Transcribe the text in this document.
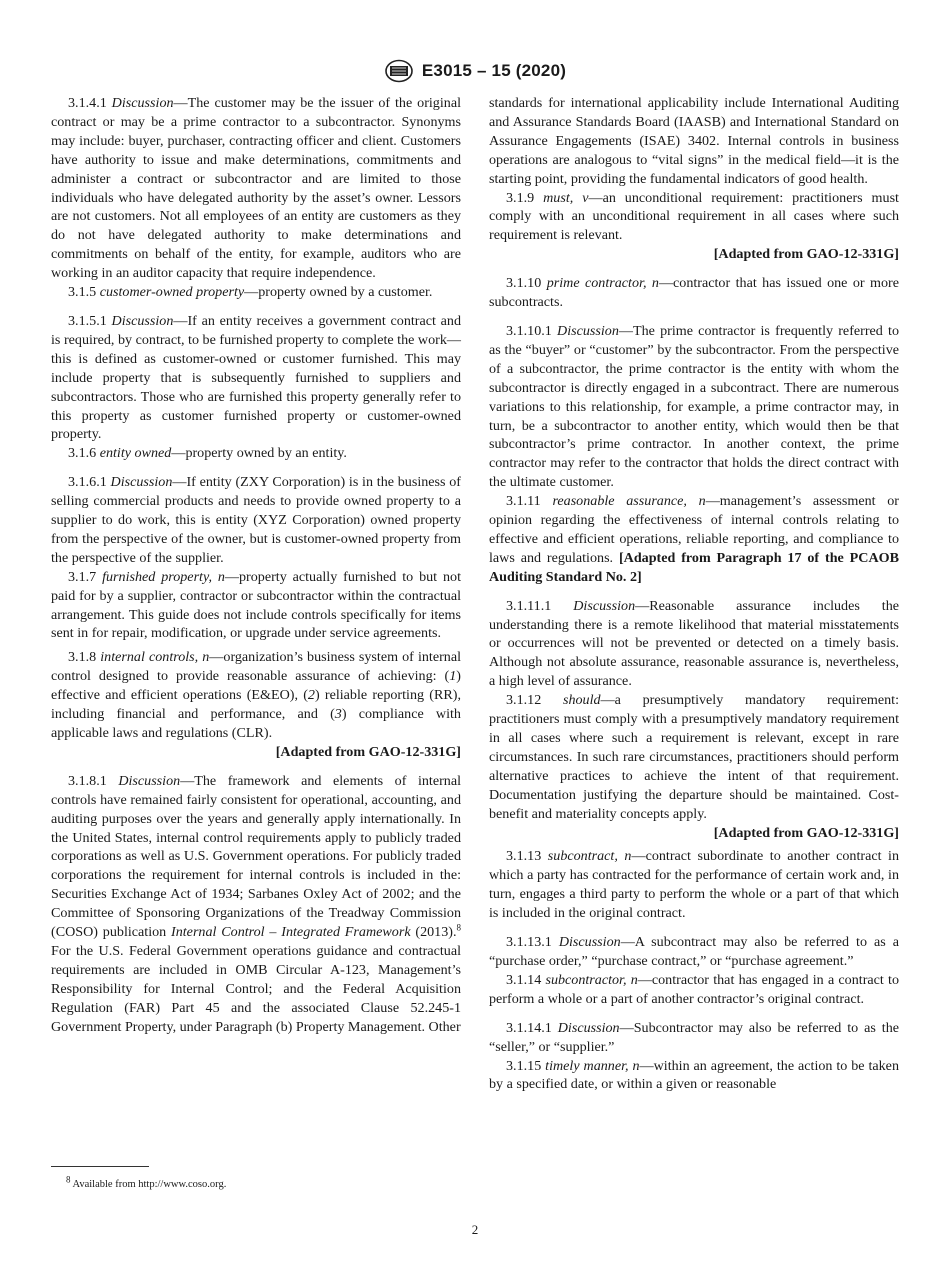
E3015 – 15 (2020)

3.1.4.1 Discussion—The customer may be the issuer of the original contract or may be a prime contractor to a subcontractor. Synonyms may include: buyer, purchaser, contracting officer and client. Customers have authority to issue and make determinations, commitments and administer a contract or subcontractor and are limited to those individuals who have delegated authority by the asset’s owner. Lessors are not customers. Not all employees of an entity are customers as they do not have delegated authority to make determinations and commitments on behalf of the entity, for example, auditors who are working in an auditor capacity that require independence.

3.1.5 customer-owned property—property owned by a customer.

3.1.5.1 Discussion—If an entity receives a government contract and is required, by contract, to be furnished property to complete the work—this is defined as customer-owned or customer furnished. This may include property that is subsequently furnished to suppliers and subcontractors. Those who are furnished this property generally refer to this property as customer furnished property or customer-owned property.

3.1.6 entity owned—property owned by an entity.

3.1.6.1 Discussion—If entity (ZXY Corporation) is in the business of selling commercial products and needs to provide owned property to a supplier to do work, this is entity (XYZ Corporation) owned property from the perspective of the owner, but is customer-owned property from the perspective of the supplier.

3.1.7 furnished property, n—property actually furnished to but not paid for by a supplier, contractor or subcontractor within the contractual arrangement. This guide does not include controls specifically for items sent in for repair, modification, or upgrade under service agreements.

3.1.8 internal controls, n—organization’s business system of internal control designed to provide reasonable assurance of achieving: (1) effective and efficient operations (E&EO), (2) reliable reporting (RR), including financial and performance, and (3) compliance with applicable laws and regulations (CLR).
[Adapted from GAO-12-331G]

3.1.8.1 Discussion—The framework and elements of internal controls have remained fairly consistent for operational, accounting, and auditing purposes over the years and generally apply internationally. In the United States, internal control requirements apply to publicly traded corporations as well as U.S. Government operations. For publicly traded corporations the requirement for internal controls is included in the: Securities Exchange Act of 1934; Sarbanes Oxley Act of 2002; and the Committee of Sponsoring Organizations of the Treadway Commission (COSO) publication Internal Control – Integrated Framework (2013).$^8$ For the U.S. Federal Government operations guidance and contractual requirements are included in OMB Circular A-123, Management’s Responsibility for Internal Control; and the Federal Acquisition Regulation (FAR) Part 45 and the associated Clause 52.245-1 Government Property, under Paragraph (b) Property Management. Other

standards for international applicability include International Auditing and Assurance Standards Board (IAASB) and International Standard on Assurance Engagements (ISAE) 3402. Internal controls in business operations are analogous to “vital signs” in the medical field—it is the starting point, providing the fundamental indicators of good health.

3.1.9 must, v—an unconditional requirement: practitioners must comply with an unconditional requirement in all cases where such requirement is relevant.

[Adapted from GAO-12-331G]

3.1.10 prime contractor, n—contractor that has issued one or more subcontracts.

3.1.10.1 Discussion—The prime contractor is frequently referred to as the “buyer” or “customer” by the subcontractor. From the perspective of a subcontractor, the prime contractor is the entity with whom the subcontractor is directly engaged in a subcontract. There are numerous variations to this relationship, for example, a prime contractor may, in turn, be a subcontractor to another entity, which would then be that subcontractor’s prime contractor. In another context, the prime contractor may refer to the contractor that holds the direct contract with the ultimate customer.

3.1.11 reasonable assurance, n—management’s assessment or opinion regarding the effectiveness of internal controls relating to effective and efficient operations, reliable reporting, and compliance to laws and regulations. [Adapted from Paragraph 17 of the PCAOB Auditing Standard No. 2]

3.1.11.1 Discussion—Reasonable assurance includes the understanding there is a remote likelihood that material misstatements or occurrences will not be prevented or detected on a timely basis. Although not absolute assurance, reasonable assurance is, nevertheless, a high level of assurance.

3.1.12 should—a presumptively mandatory requirement: practitioners must comply with a presumptively mandatory requirement in all cases where such a requirement is relevant, except in rare circumstances. In such rare circumstances, practitioners should perform alternative practices to achieve the intent of that requirement. Documentation justifying the departure should be maintained. Cost-benefit and materiality concepts apply.
[Adapted from GAO-12-331G]

3.1.13 subcontract, n—contract subordinate to another contract in which a party has contracted for the performance of certain work and, in turn, engages a third party to perform the whole or a part of that which is included in the original contract.

3.1.13.1 Discussion—A subcontract may also be referred to as a “purchase order,” “purchase contract,” or “purchase agreement.”

3.1.14 subcontractor, n—contractor that has engaged in a contract to perform a whole or a part of another contractor’s original contract.

3.1.14.1 Discussion—Subcontractor may also be referred to as the “seller,” or “supplier.”

3.1.15 timely manner, n—within an agreement, the action to be taken by a specified date, or within a given or reasonable

$^8$ Available from http://www.coso.org.
2
